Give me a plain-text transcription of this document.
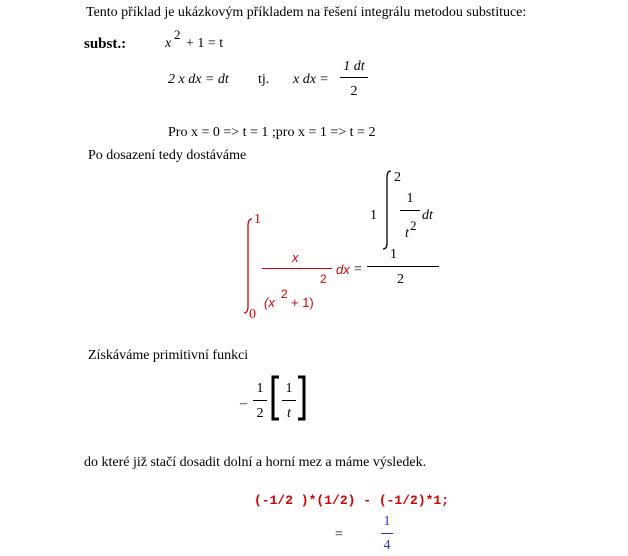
Tento příklad je ukázkovým příkladem na řešení integrálu metodou substituce:
subst.:	x
2
+ 1 = t
2 x dx = dt tj. x dx =
1 dt
2
Pro x = 0 => t = 1 ;pro x = 1 => t = 2
Po dosazení tedy dostáváme
1
0
x
2
(x
2
+ 1)
dx =
1
2
1
t
2
dt
1
2
Získáváme primitivní funkci
–
1
2
1
t
do které již stačí dosadit dolní a horní mez a máme výsledek.
(-1/2 )*(1/2) - (-1/2)*1;
=
1
4
